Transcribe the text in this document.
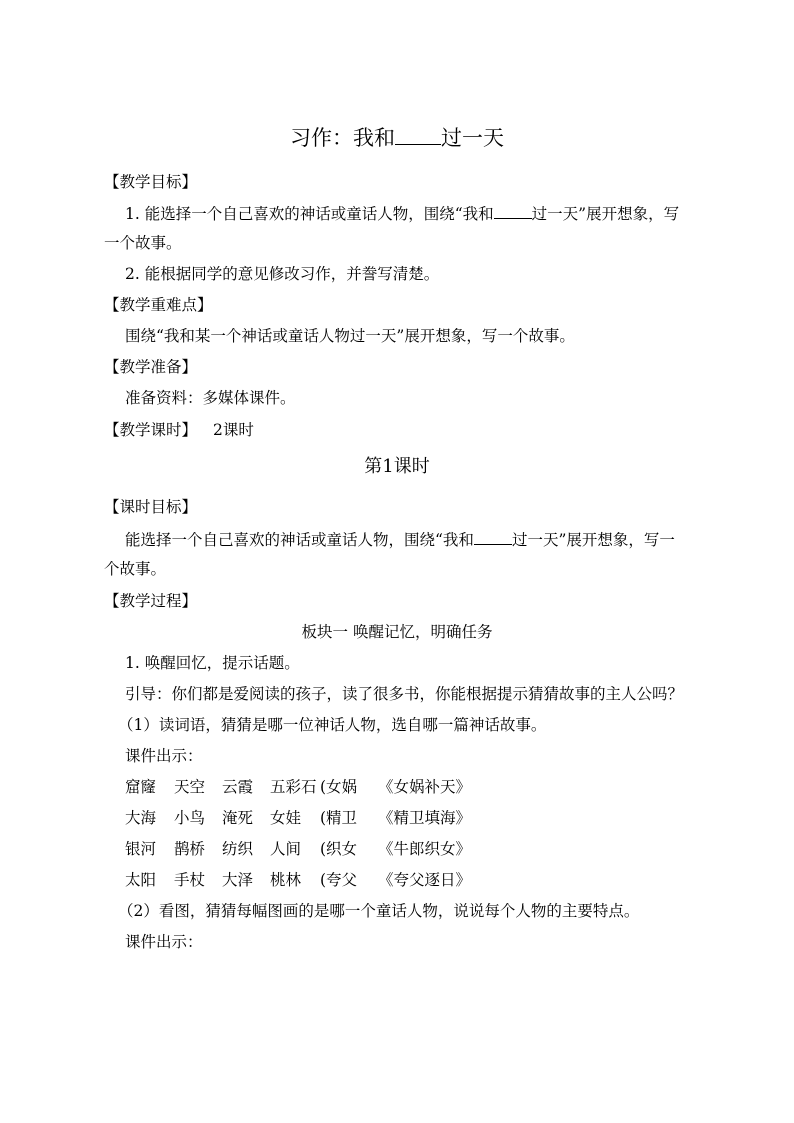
习作：我和 过一天
【教学目标】
1. 能选择一个自己喜欢的神话或童话人物，围绕“我和 过一天”展开想象，写
一个故事。
2. 能根据同学的意见修改习作，并誊写清楚。
【教学重难点】
围绕“我和某一个神话或童话人物过一天”展开想象，写一个故事。
【教学准备】
准备资料：多媒体课件。
【教学课时】 2课时
第1课时
【课时目标】
能选择一个自己喜欢的神话或童话人物，围绕“我和 过一天”展开想象，写一
个故事。
【教学过程】
板块一 唤醒记忆，明确任务
1. 唤醒回忆，提示话题。
引导：你们都是爱阅读的孩子，读了很多书，你能根据提示猜猜故事的主人公吗？
（1）读词语，猜猜是哪一位神话人物，选自哪一篇神话故事。
课件出示：
窟窿 天空 云霞 五彩石 (女娲 《女娲补天》
大海 小鸟 淹死 女娃 (精卫 《精卫填海》
银河 鹊桥 纺织 人间 (织女 《牛郎织女》
太阳 手杖 大泽 桃林 (夸父 《夸父逐日》
（2）看图，猜猜每幅图画的是哪一个童话人物，说说每个人物的主要特点。
课件出示：
